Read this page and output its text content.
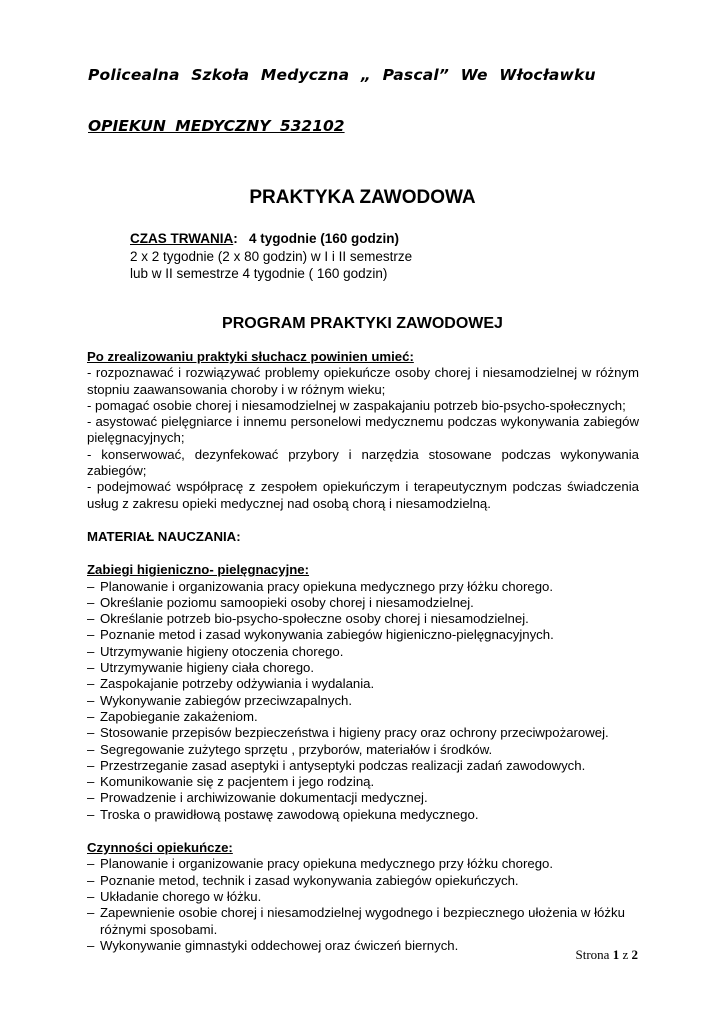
Policealna Szkoła Medyczna „ Pascal” We Włocławku
OPIEKUN MEDYCZNY 532102
PRAKTYKA ZAWODOWA
CZAS TRWANIA: 4 tygodnie (160 godzin)
2 x 2 tygodnie (2 x 80 godzin) w I i II semestrze
lub w II semestrze 4 tygodnie ( 160 godzin)
PROGRAM PRAKTYKI ZAWODOWEJ
Po zrealizowaniu praktyki słuchacz powinien umieć:
- rozpoznawać i rozwiązywać problemy opiekuńcze osoby chorej i niesamodzielnej w różnym stopniu zaawansowania choroby i w różnym wieku;
- pomagać osobie chorej i niesamodzielnej w zaspakajaniu potrzeb bio-psycho-społecznych;
- asystować pielęgniarce i innemu personelowi medycznemu podczas wykonywania zabiegów pielęgnacyjnych;
- konserwować, dezynfekować przybory i narzędzia stosowane podczas wykonywania zabiegów;
- podejmować współpracę z zespołem opiekuńczym i terapeutycznym podczas świadczenia usług z zakresu opieki medycznej nad osobą chorą i niesamodzielną.
MATERIAŁ NAUCZANIA:
Zabiegi higieniczno- pielęgnacyjne:
– Planowanie i organizowania pracy opiekuna medycznego przy łóżku chorego.
– Określanie poziomu samoopieki osoby chorej i niesamodzielnej.
– Określanie potrzeb bio-psycho-społeczne osoby chorej i niesamodzielnej.
– Poznanie metod i zasad wykonywania zabiegów higieniczno-pielęgnacyjnych.
– Utrzymywanie higieny otoczenia chorego.
– Utrzymywanie higieny ciała chorego.
– Zaspokajanie potrzeby odżywiania i wydalania.
– Wykonywanie zabiegów przeciwzapalnych.
– Zapobieganie zakażeniom.
– Stosowanie przepisów bezpieczeństwa i higieny pracy oraz ochrony przeciwpożarowej.
– Segregowanie zużytego sprzętu , przyborów, materiałów i środków.
– Przestrzeganie zasad aseptyki i antyseptyki podczas realizacji zadań zawodowych.
– Komunikowanie się z pacjentem i jego rodziną.
– Prowadzenie i archiwizowanie dokumentacji medycznej.
– Troska o prawidłową postawę zawodową opiekuna medycznego.
Czynności opiekuńcze:
– Planowanie i organizowanie pracy opiekuna medycznego przy łóżku chorego.
– Poznanie metod, technik i zasad wykonywania zabiegów opiekuńczych.
– Układanie chorego w łóżku.
– Zapewnienie osobie chorej i niesamodzielnej wygodnego i bezpiecznego ułożenia w łóżku różnymi sposobami.
– Wykonywanie gimnastyki oddechowej oraz ćwiczeń biernych.
Strona 1 z 2
